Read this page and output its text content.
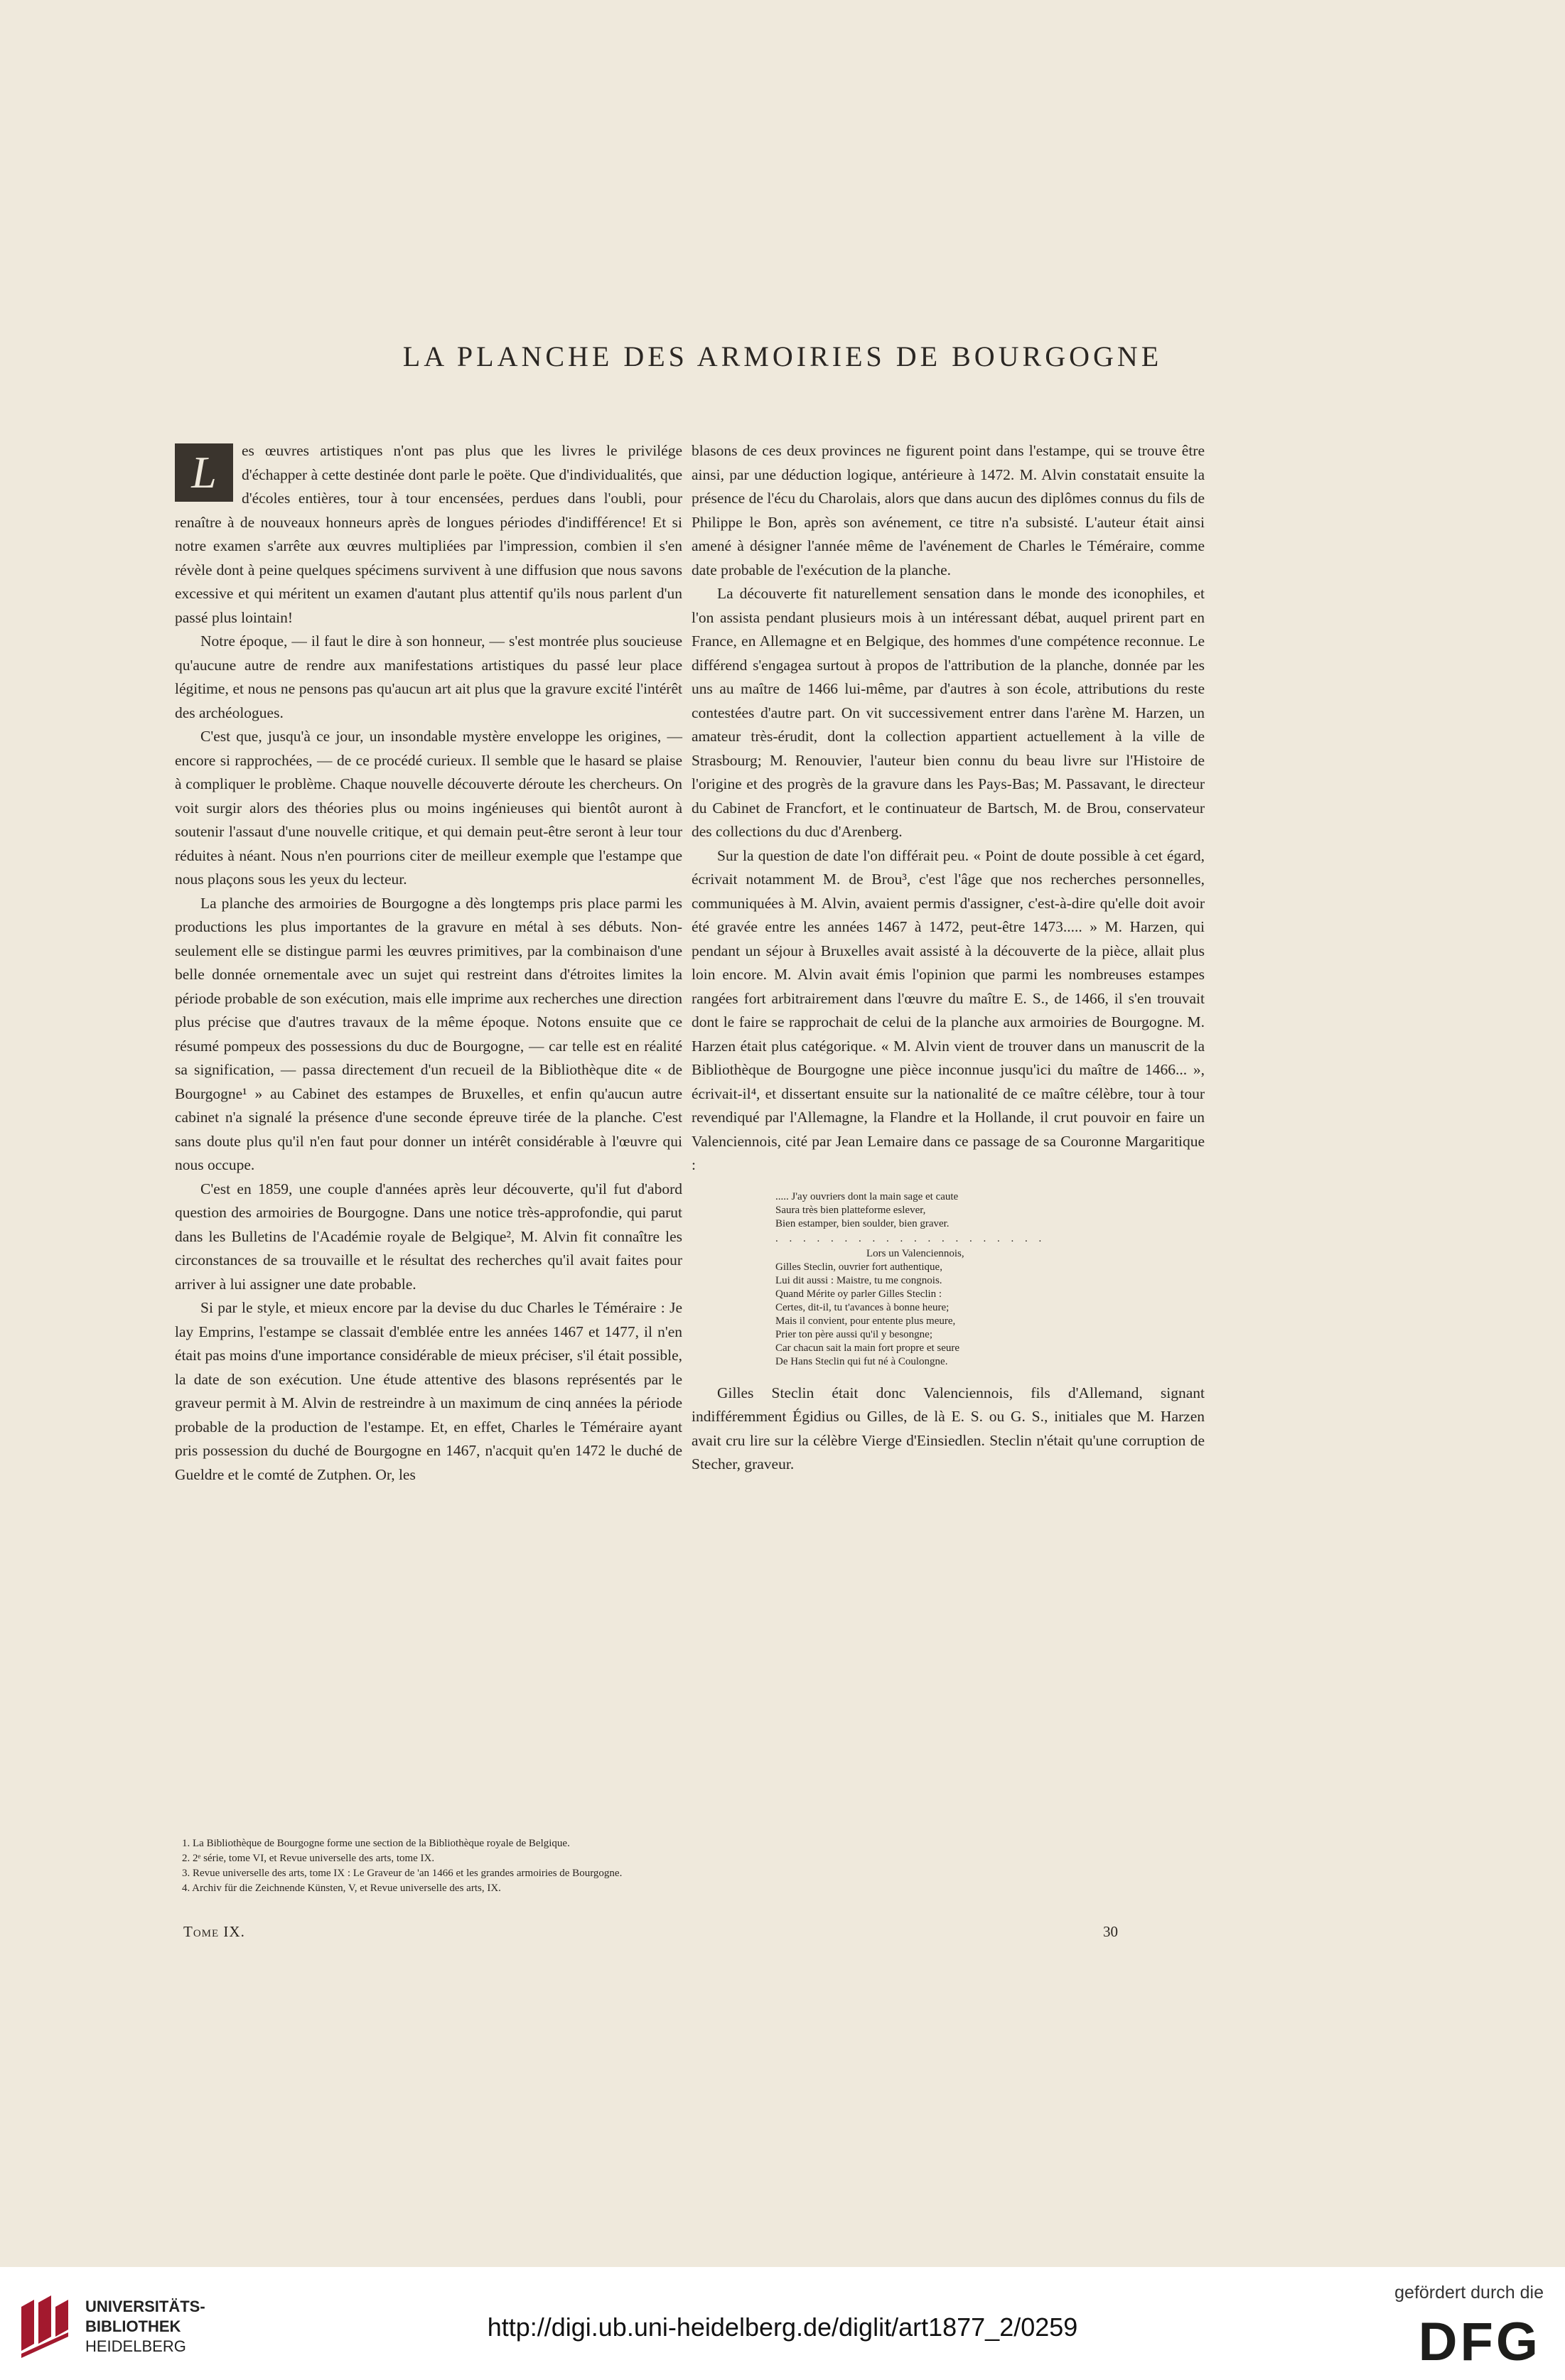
LA PLANCHE DES ARMOIRIES DE BOURGOGNE

L	es œuvres artistiques n'ont pas plus que les livres le privilége d'échapper à cette destinée dont parle le poëte. Que d'individualités, que d'écoles entières, tour à tour encensées, perdues dans l'oubli, pour renaître à de nouveaux honneurs après de longues périodes d'indifférence! Et si notre examen s'arrête aux œuvres multipliées par l'impression, combien il s'en révèle dont à peine quelques spécimens survivent à une diffusion que nous savons excessive et qui méritent un examen d'autant plus attentif qu'ils nous parlent d'un passé plus lointain!

Notre époque, — il faut le dire à son honneur, — s'est montrée plus soucieuse qu'aucune autre de rendre aux manifestations artistiques du passé leur place légitime, et nous ne pensons pas qu'aucun art ait plus que la gravure excité l'intérêt des archéologues.

C'est que, jusqu'à ce jour, un insondable mystère enveloppe les origines, — encore si rapprochées, — de ce procédé curieux. Il semble que le hasard se plaise à compliquer le problème. Chaque nouvelle découverte déroute les chercheurs. On voit surgir alors des théories plus ou moins ingénieuses qui bientôt auront à soutenir l'assaut d'une nouvelle critique, et qui demain peut-être seront à leur tour réduites à néant. Nous n'en pourrions citer de meilleur exemple que l'estampe que nous plaçons sous les yeux du lecteur.

La planche des armoiries de Bourgogne a dès longtemps pris place parmi les productions les plus importantes de la gravure en métal à ses débuts. Non-seulement elle se distingue parmi les œuvres primitives, par la combinaison d'une belle donnée ornementale avec un sujet qui restreint dans d'étroites limites la période probable de son exécution, mais elle imprime aux recherches une direction plus précise que d'autres travaux de la même époque. Notons ensuite que ce résumé pompeux des possessions du duc de Bourgogne, — car telle est en réalité sa signification, — passa directement d'un recueil de la Bibliothèque dite « de Bourgogne¹ » au Cabinet des estampes de Bruxelles, et enfin qu'aucun autre cabinet n'a signalé la présence d'une seconde épreuve tirée de la planche. C'est sans doute plus qu'il n'en faut pour donner un intérêt considérable à l'œuvre qui nous occupe.

C'est en 1859, une couple d'années après leur découverte, qu'il fut d'abord question des armoiries de Bourgogne. Dans une notice très-approfondie, qui parut dans les Bulletins de l'Académie royale de Belgique², M. Alvin fit connaître les circonstances de sa trouvaille et le résultat des recherches qu'il avait faites pour arriver à lui assigner une date probable.

Si par le style, et mieux encore par la devise du duc Charles le Téméraire : Je lay Emprins, l'estampe se classait d'emblée entre les années 1467 et 1477, il n'en était pas moins d'une importance considérable de mieux préciser, s'il était possible, la date de son exécution. Une étude attentive des blasons représentés par le graveur permit à M. Alvin de restreindre à un maximum de cinq années la période probable de la production de l'estampe. Et, en effet, Charles le Téméraire ayant pris possession du duché de Bourgogne en 1467, n'acquit qu'en 1472 le duché de Gueldre et le comté de Zutphen. Or, les

blasons de ces deux provinces ne figurent point dans l'estampe, qui se trouve être ainsi, par une déduction logique, antérieure à 1472. M. Alvin constatait ensuite la présence de l'écu du Charolais, alors que dans aucun des diplômes connus du fils de Philippe le Bon, après son avénement, ce titre n'a subsisté. L'auteur était ainsi amené à désigner l'année même de l'avénement de Charles le Téméraire, comme date probable de l'exécution de la planche.

La découverte fit naturellement sensation dans le monde des iconophiles, et l'on assista pendant plusieurs mois à un intéressant débat, auquel prirent part en France, en Allemagne et en Belgique, des hommes d'une compétence reconnue. Le différend s'engagea surtout à propos de l'attribution de la planche, donnée par les uns au maître de 1466 lui-même, par d'autres à son école, attributions du reste contestées d'autre part. On vit successivement entrer dans l'arène M. Harzen, un amateur très-érudit, dont la collection appartient actuellement à la ville de Strasbourg; M. Renouvier, l'auteur bien connu du beau livre sur l'Histoire de l'origine et des progrès de la gravure dans les Pays-Bas; M. Passavant, le directeur du Cabinet de Francfort, et le continuateur de Bartsch, M. de Brou, conservateur des collections du duc d'Arenberg.

Sur la question de date l'on différait peu. « Point de doute possible à cet égard, écrivait notamment M. de Brou³, c'est l'âge que nos recherches personnelles, communiquées à M. Alvin, avaient permis d'assigner, c'est-à-dire qu'elle doit avoir été gravée entre les années 1467 à 1472, peut-être 1473..... » M. Harzen, qui pendant un séjour à Bruxelles avait assisté à la découverte de la pièce, allait plus loin encore. M. Alvin avait émis l'opinion que parmi les nombreuses estampes rangées fort arbitrairement dans l'œuvre du maître E. S., de 1466, il s'en trouvait dont le faire se rapprochait de celui de la planche aux armoiries de Bourgogne. M. Harzen était plus catégorique. « M. Alvin vient de trouver dans un manuscrit de la Bibliothèque de Bourgogne une pièce inconnue jusqu'ici du maître de 1466... », écrivait-il⁴, et dissertant ensuite sur la nationalité de ce maître célèbre, tour à tour revendiqué par l'Allemagne, la Flandre et la Hollande, il crut pouvoir en faire un Valenciennois, cité par Jean Lemaire dans ce passage de sa Couronne Margaritique :

..... J'ay ouvriers dont la main sage et caute
Saura très bien platteforme eslever,
Bien estamper, bien soulder, bien graver.
. . . . . . . . . . . . . . . . . . . .
Lors un Valenciennois,
Gilles Steclin, ouvrier fort authentique,
Lui dit aussi : Maistre, tu me congnois.
Quand Mérite oy parler Gilles Steclin :
Certes, dit-il, tu t'avances à bonne heure;
Mais il convient, pour entente plus meure,
Prier ton père aussi qu'il y besongne;
Car chacun sait la main fort propre et seure
De Hans Steclin qui fut né à Coulongne.

Gilles Steclin était donc Valenciennois, fils d'Allemand, signant indifféremment Égidius ou Gilles, de là E. S. ou G. S., initiales que M. Harzen avait cru lire sur la célèbre Vierge d'Einsiedlen. Steclin n'était qu'une corruption de Stecher, graveur.

1. La Bibliothèque de Bourgogne forme une section de la Bibliothèque royale de Belgique.
2. 2ᵉ série, tome VI, et Revue universelle des arts, tome IX.
3. Revue universelle des arts, tome IX : Le Graveur de 'an 1466 et les grandes armoiries de Bourgogne.
4. Archiv für die Zeichnende Künsten, V, et Revue universelle des arts, IX.
Tome IX.	30
UNIVERSITÄTS-
BIBLIOTHEK
HEIDELBERG
http://digi.ub.uni-heidelberg.de/diglit/art1877_2/0259
gefördert durch die
DFG
